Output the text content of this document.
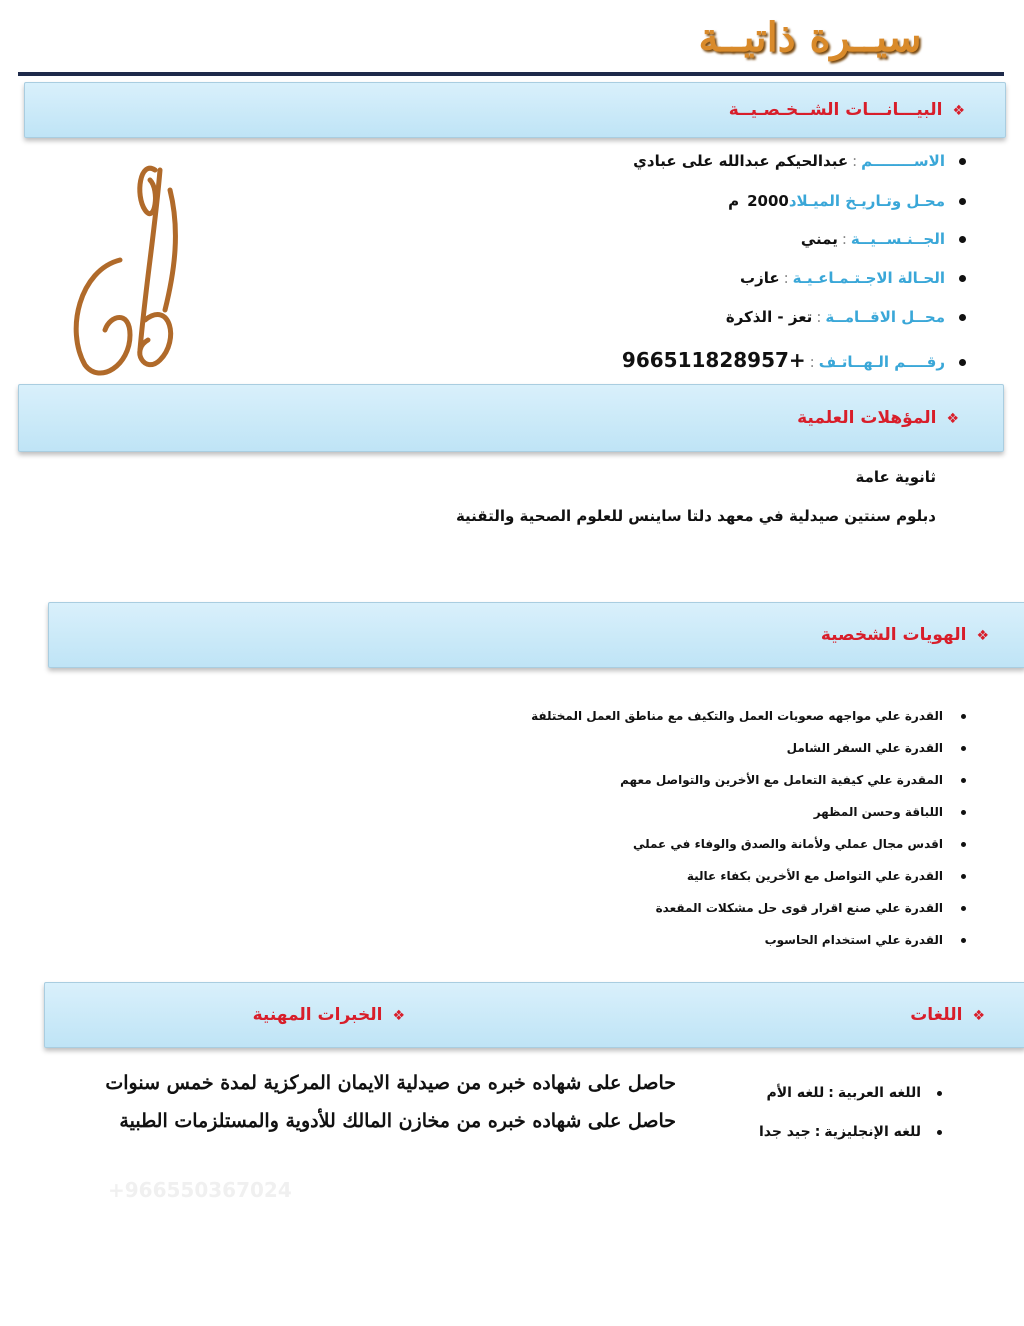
سيــرة ذاتيــة
❖البيـــانـــات الشــخـصـيــة
الاســــــــم:عبدالحيكم عبدالله على عبادي
محـل وتـاريـخ الميـلاد2000م
الجــنـســيــة:يمني
الحـالة الاجـتـمـاعـيـة:عازب
محــل الاقــامــة:تعز - الذكرة
رقــــم الـهــاتـف:+966511828957
❖المؤهلات العلمية
ثانوية عامة
دبلوم سنتين صيدلية في معهد دلتا ساينس للعلوم الصحية والتقنية
❖الهويات الشخصية
القدرة علي مواجهه صعوبات العمل والتكيف مع مناطق العمل المختلفة
القدرة علي السفر الشامل
المقدرة علي كيفية التعامل مع الأخرين والتواصل معهم
اللباقة وحسن المظهر
اقدس مجال عملي ولأمانة والصدق والوفاء في عملي
القدرة علي التواصل مع الأخرين بكفاء عالية
القدرة علي صنع اقرار قوى حل مشكلات المقعدة
القدرة علي استخدام الحاسوب
❖اللغات
❖الخبرات المهنية
اللغه العربية:للغه الأم
للغه الإنجليزية:جيد جدا
حاصل على شهاده خبره من صيدلية الايمان المركزية لمدة خمس سنوات
حاصل على شهاده خبره من مخازن المالك للأدوية والمستلزمات الطبية
+966550367024
